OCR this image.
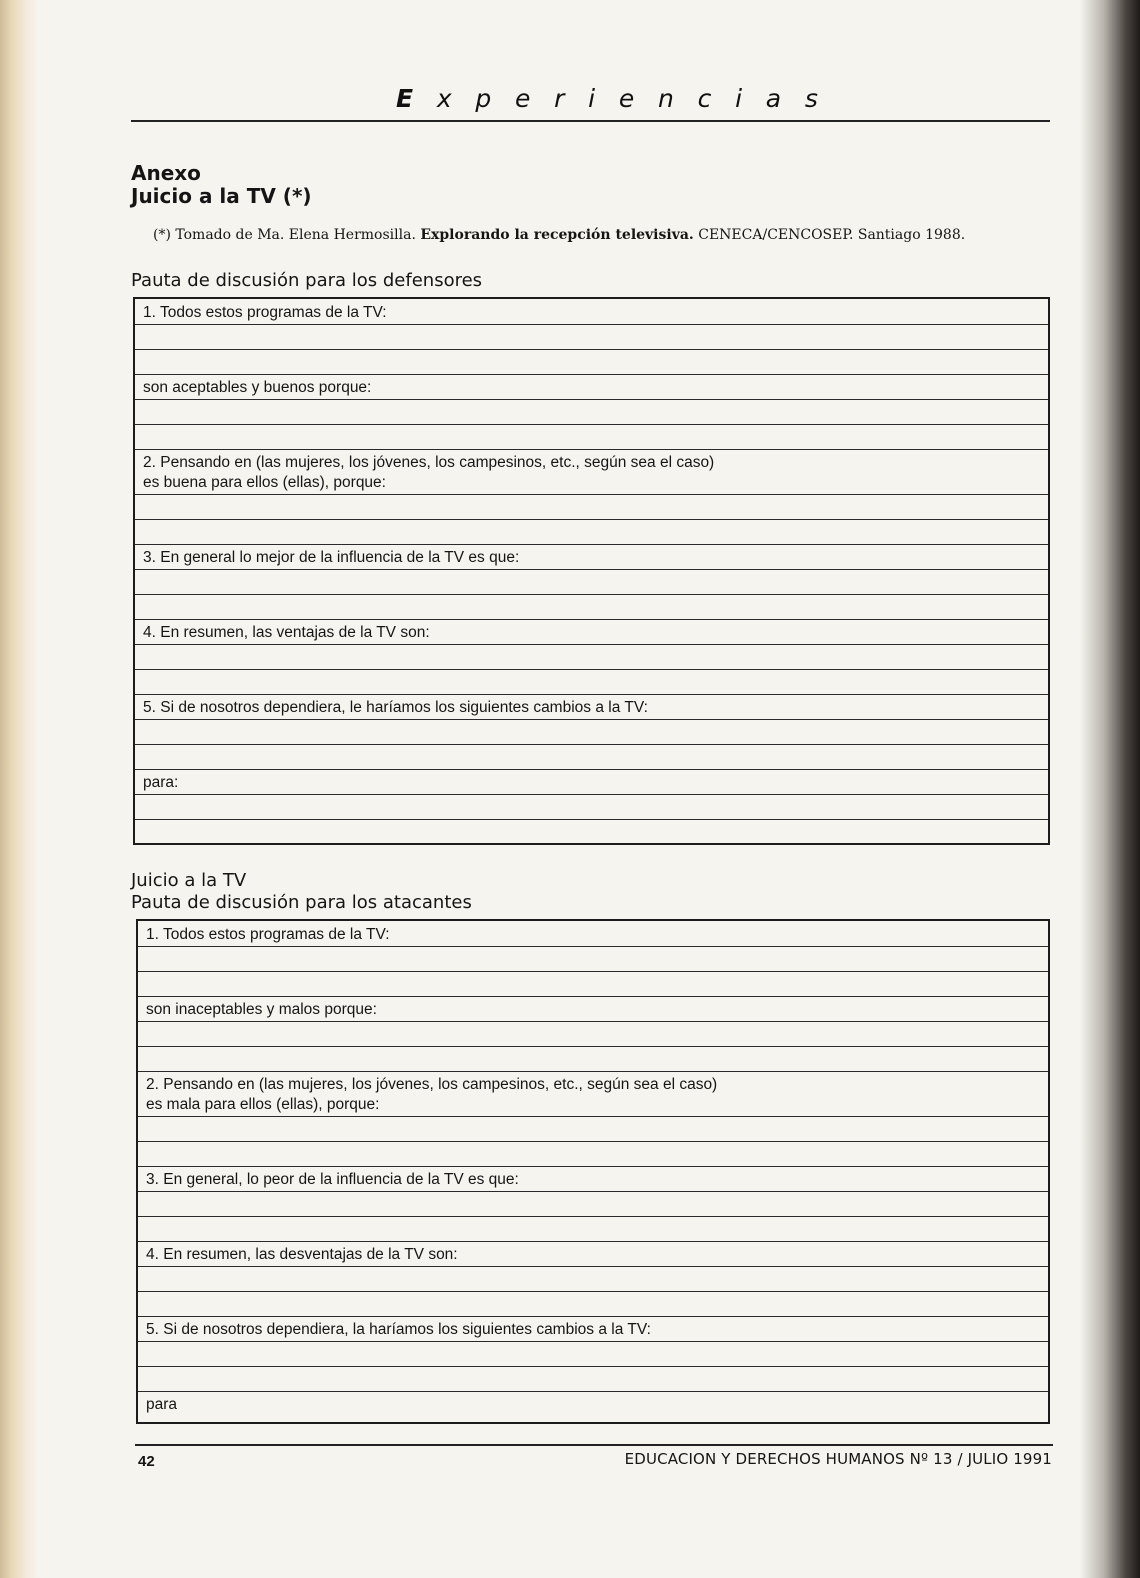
Experiencias
Anexo
Juicio a la TV (*)
(*) Tomado de Ma. Elena Hermosilla. Explorando la recepción televisiva. CENECA/CENCOSEP. Santiago 1988.
Pauta de discusión para los defensores
1. Todos estos programas de la TV:
son aceptables y buenos porque:
2. Pensando en (las mujeres, los jóvenes, los campesinos, etc., según sea el caso)
es buena para ellos (ellas), porque:
3. En general lo mejor de la influencia de la TV es que:
4. En resumen, las ventajas de la TV son:
5. Si de nosotros dependiera, le haríamos los siguientes cambios a la TV:
para:
Juicio a la TV
Pauta de discusión para los atacantes
1. Todos estos programas de la TV:
son inaceptables y malos porque:
2. Pensando en (las mujeres, los jóvenes, los campesinos, etc., según sea el caso)
es mala para ellos (ellas), porque:
3. En general, lo peor de la influencia de la TV es que:
4. En resumen, las desventajas de la TV son:
5. Si de nosotros dependiera, la haríamos los siguientes cambios a la TV:
para
42	EDUCACION Y DERECHOS HUMANOS Nº 13 / JULIO 1991
